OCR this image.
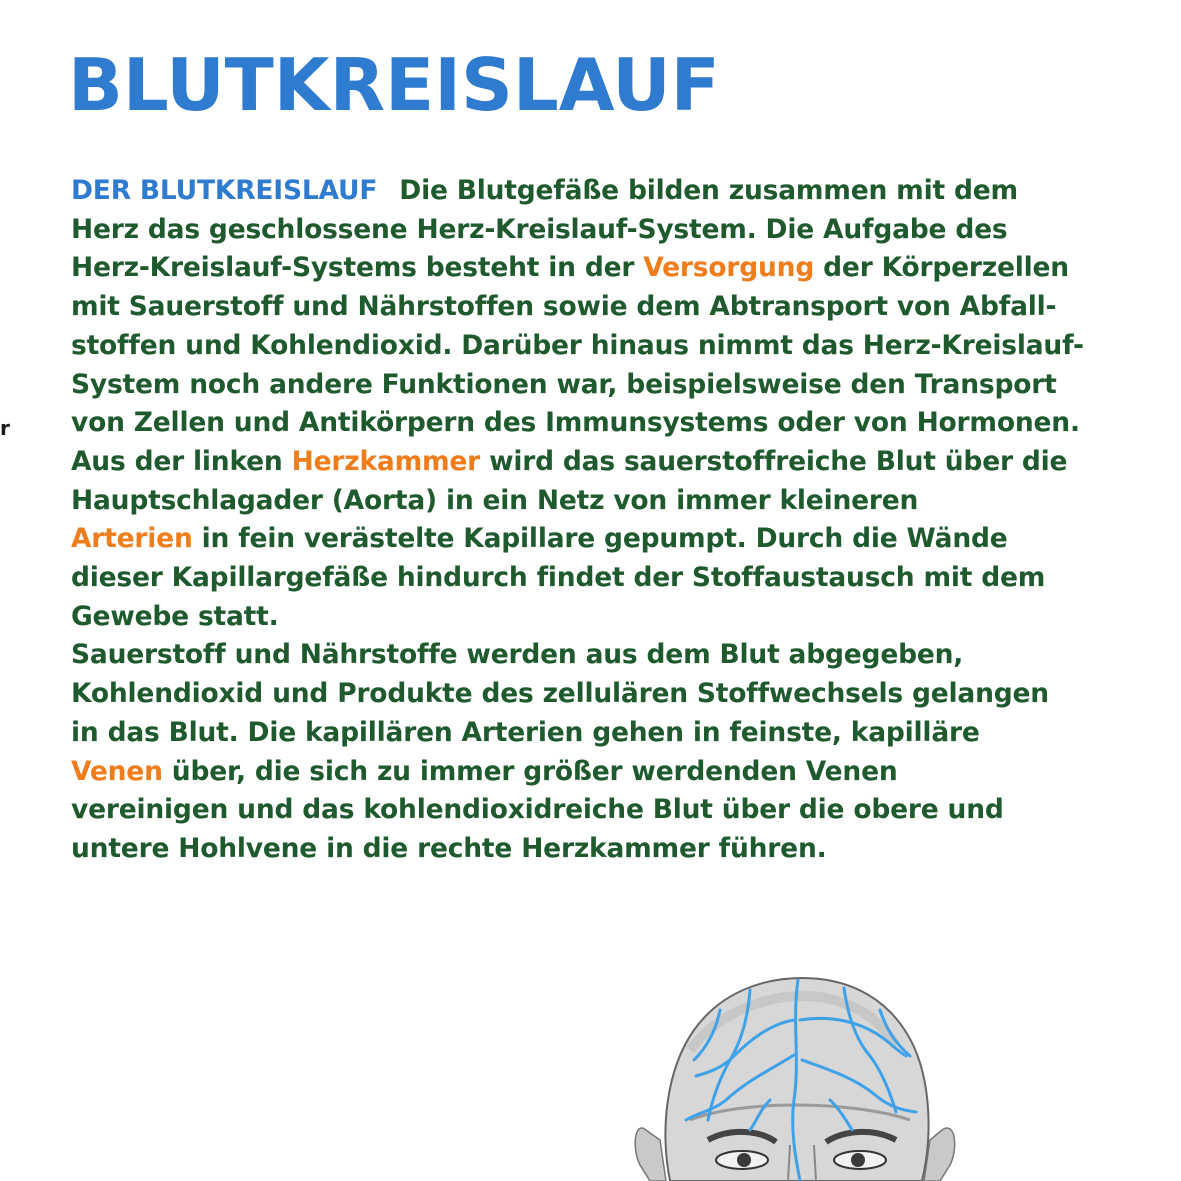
BLUTKREISLAUF
r
DER BLUTKREISLAUF Die Blutgefäße bilden zusammen mit dem
Herz das geschlossene Herz-Kreislauf-System. Die Aufgabe des
Herz-Kreislauf-Systems besteht in der Versorgung der Körperzellen
mit Sauerstoff und Nährstoffen sowie dem Abtransport von Abfall-
stoffen und Kohlendioxid. Darüber hinaus nimmt das Herz-Kreislauf-
System noch andere Funktionen war, beispielsweise den Transport
von Zellen und Antikörpern des Immunsystems oder von Hormonen.
Aus der linken Herzkammer wird das sauerstoffreiche Blut über die
Hauptschlagader (Aorta) in ein Netz von immer kleineren
Arterien in fein verästelte Kapillare gepumpt. Durch die Wände
dieser Kapillargefäße hindurch findet der Stoffaustausch mit dem
Gewebe statt.
Sauerstoff und Nährstoffe werden aus dem Blut abgegeben,
Kohlendioxid und Produkte des zellulären Stoffwechsels gelangen
in das Blut. Die kapillären Arterien gehen in feinste, kapilläre
Venen über, die sich zu immer größer werdenden Venen
vereinigen und das kohlendioxidreiche Blut über die obere und
untere Hohlvene in die rechte Herzkammer führen.
